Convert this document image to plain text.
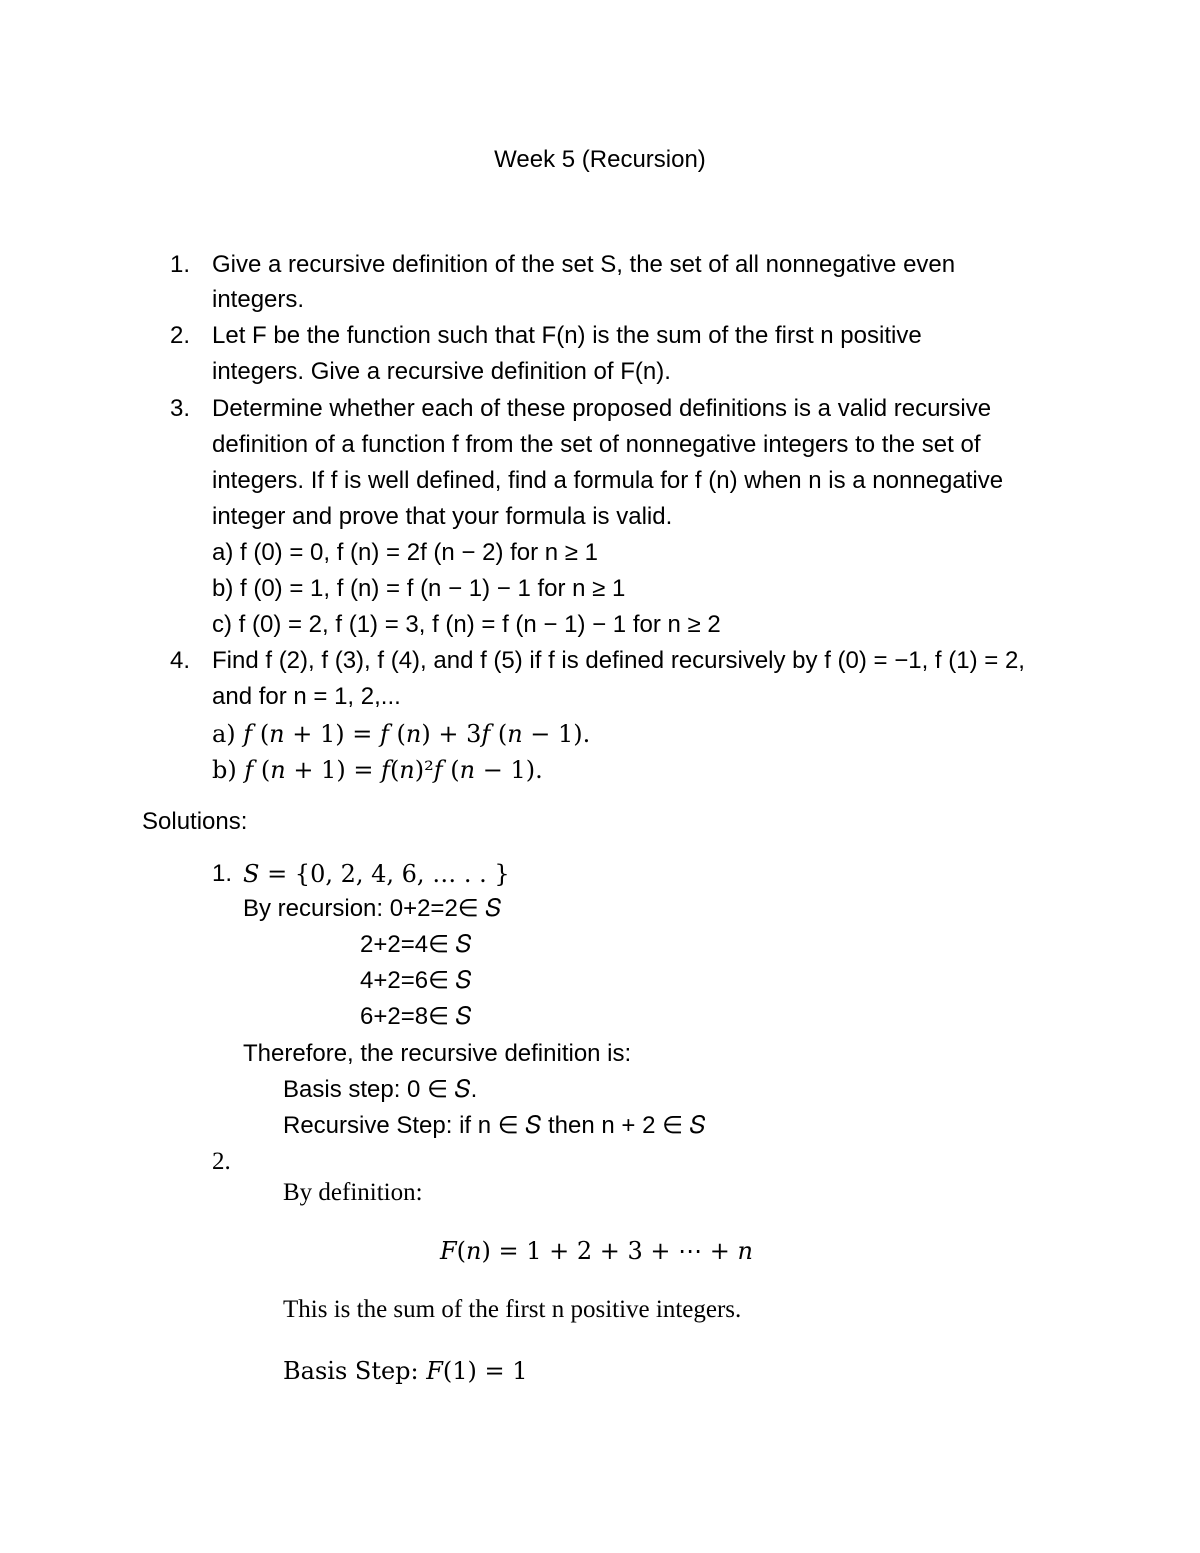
Week 5 (Recursion)
1. Give a recursive definition of the set S, the set of all nonnegative even
integers.
2. Let F be the function such that F(n) is the sum of the first n positive
integers. Give a recursive definition of F(n).
3. Determine whether each of these proposed definitions is a valid recursive
definition of a function f from the set of nonnegative integers to the set of
integers. If f is well defined, find a formula for f (n) when n is a nonnegative
integer and prove that your formula is valid.
a) f (0) = 0, f (n) = 2f (n − 2) for n ≥ 1
b) f (0) = 1, f (n) = f (n − 1) − 1 for n ≥ 1
c) f (0) = 2, f (1) = 3, f (n) = f (n − 1) − 1 for n ≥ 2
4. Find f (2), f (3), f (4), and f (5) if f is defined recursively by f (0) = −1, f (1) = 2,
and for n = 1, 2,...
a) 𝑓 (𝑛 + 1) = 𝑓 (𝑛) + 3𝑓 (𝑛 − 1).
b) 𝑓 (𝑛 + 1) = 𝑓(𝑛)²𝑓 (𝑛 − 1).
Solutions:
1. 𝑆 = {0, 2, 4, 6, … . . }
By recursion: 0+2=2∈ 𝑆
2+2=4∈ 𝑆
4+2=6∈ 𝑆
6+2=8∈ 𝑆
Therefore, the recursive definition is:
Basis step: 0 ∈ 𝑆.
Recursive Step: if n ∈ 𝑆 then n + 2 ∈ 𝑆
2.
By definition:
𝐹(𝑛) = 1 + 2 + 3 + ⋯ + 𝑛
This is the sum of the first n positive integers.
Basis Step: 𝐹(1) = 1
